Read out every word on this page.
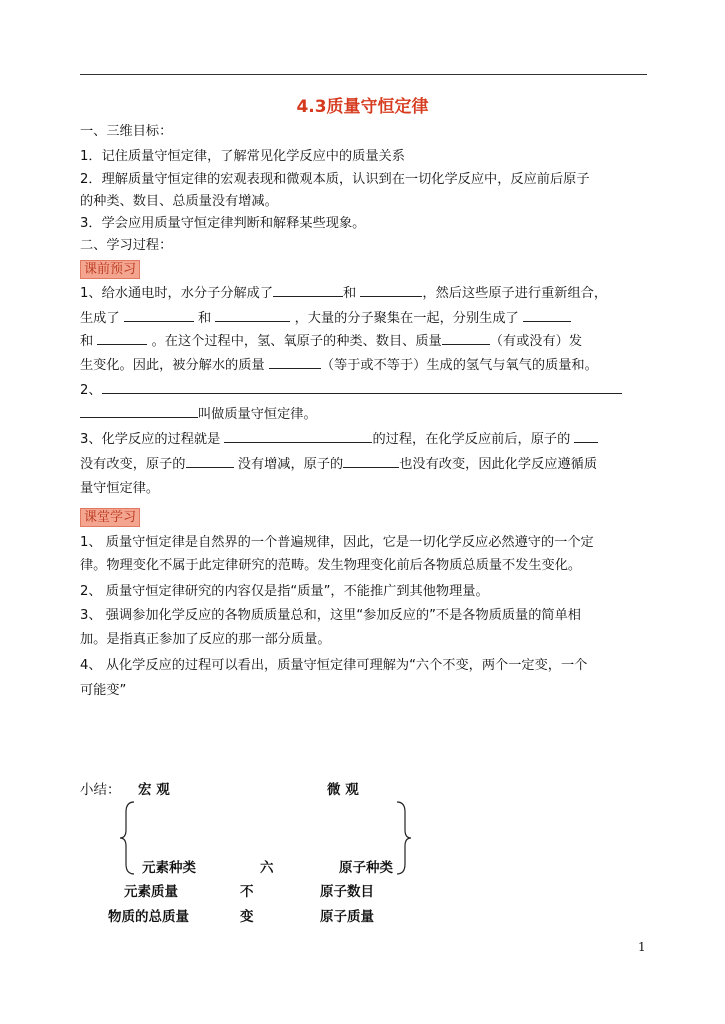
4.3质量守恒定律
一、三维目标：
1．记住质量守恒定律，了解常见化学反应中的质量关系
2．理解质量守恒定律的宏观表现和微观本质，认识到在一切化学反应中，反应前后原子
的种类、数目、总质量没有增减。
3．学会应用质量守恒定律判断和解释某些现象。
二、学习过程：
课前预习
1、给水通电时，水分子分解成了	和	，然后这些原子进行重新组合，
生成了	和	，大量的分子聚集在一起，分别生成了
和	。在这个过程中，氢、氧原子的种类、数目、质量	（有或没有）发
生变化。因此，被分解水的质量	（等于或不等于）生成的氢气与氧气的质量和。
2、
叫做质量守恒定律。
3、化学反应的过程就是	的过程，在化学反应前后，原子的
没有改变，原子的	没有增减，原子的	也没有改变，因此化学反应遵循质
量守恒定律。
课堂学习
1、 质量守恒定律是自然界的一个普遍规律，因此，它是一切化学反应必然遵守的一个定
律。物理变化不属于此定律研究的范畴。发生物理变化前后各物质总质量不发生变化。
2、 质量守恒定律研究的内容仅是指“质量”，不能推广到其他物理量。
3、 强调参加化学反应的各物质质量总和，这里“参加反应的”不是各物质质量的简单相
加。是指真正参加了反应的那一部分质量。
4、 从化学反应的过程可以看出，质量守恒定律可理解为“六个不变，两个一定变，一个
可能变”
小结： 宏 观	微 观
元素种类	六	原子种类
元素质量	不	原子数目
物质的总质量	变	原子质量
1
